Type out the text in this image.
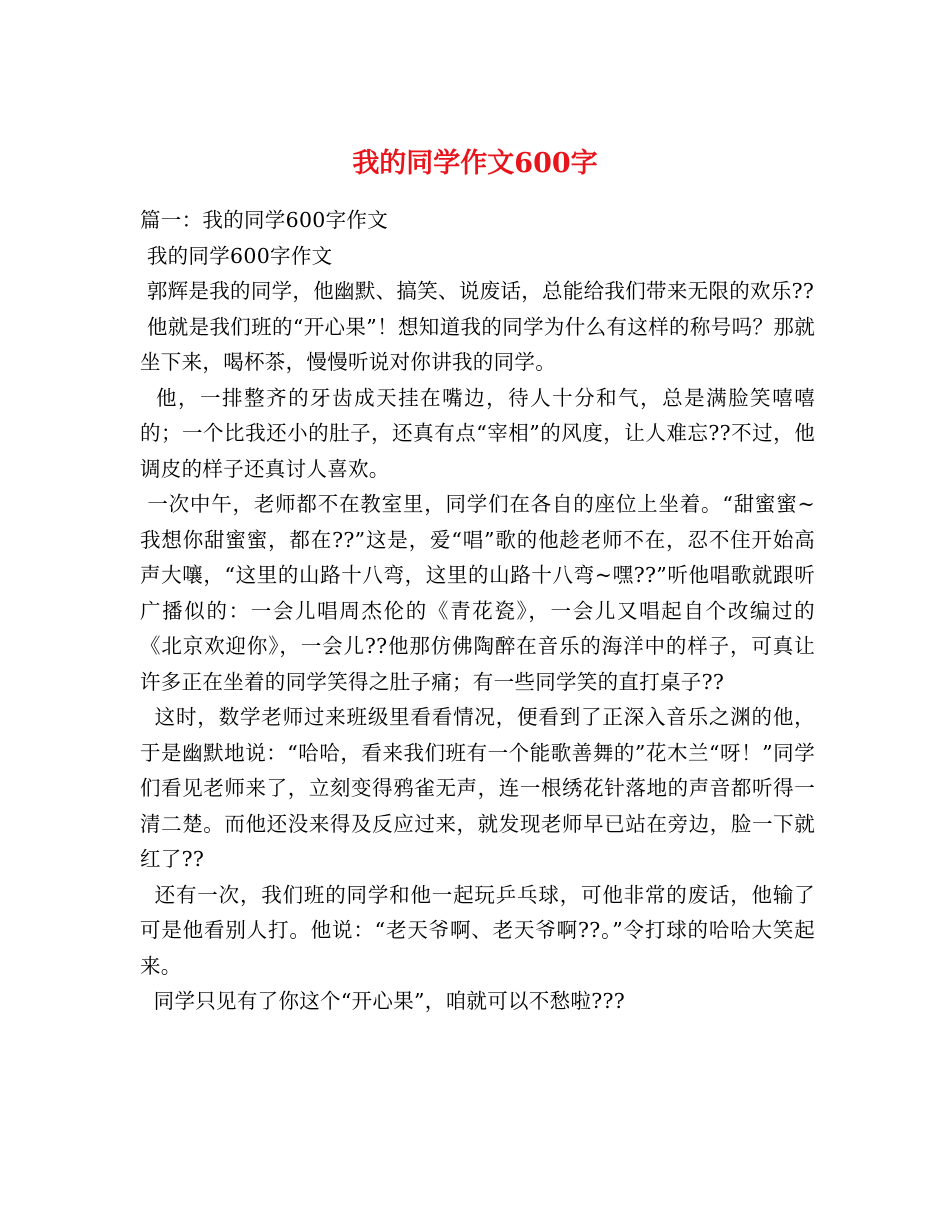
我的同学作文600字

篇一：我的同学600字作文

我的同学600字作文

郭辉是我的同学，他幽默、搞笑、说废话，总能给我们带来无限的欢乐??

他就是我们班的“开心果”！想知道我的同学为什么有这样的称号吗？那就坐下来，喝杯茶，慢慢听说对你讲我的同学。

他，一排整齐的牙齿成天挂在嘴边，待人十分和气，总是满脸笑嘻嘻的；一个比我还小的肚子，还真有点“宰相”的风度，让人难忘??不过，他调皮的样子还真讨人喜欢。

一次中午，老师都不在教室里，同学们在各自的座位上坐着。“甜蜜蜜~我想你甜蜜蜜，都在??”这是，爱“唱”歌的他趁老师不在，忍不住开始高声大嚷，“这里的山路十八弯，这里的山路十八弯~嘿??”听他唱歌就跟听广播似的：一会儿唱周杰伦的《青花瓷》，一会儿又唱起自个改编过的《北京欢迎你》，一会儿??他那仿佛陶醉在音乐的海洋中的样子，可真让许多正在坐着的同学笑得之肚子痛；有一些同学笑的直打桌子??

这时，数学老师过来班级里看看情况，便看到了正深入音乐之渊的他，于是幽默地说：“哈哈，看来我们班有一个能歌善舞的”花木兰“呀！”同学们看见老师来了，立刻变得鸦雀无声，连一根绣花针落地的声音都听得一清二楚。而他还没来得及反应过来，就发现老师早已站在旁边，脸一下就红了??

还有一次，我们班的同学和他一起玩乒乓球，可他非常的废话，他输了可是他看别人打。他说：“老天爷啊、老天爷啊??。”令打球的哈哈大笑起来。

同学只见有了你这个“开心果”，咱就可以不愁啦???
